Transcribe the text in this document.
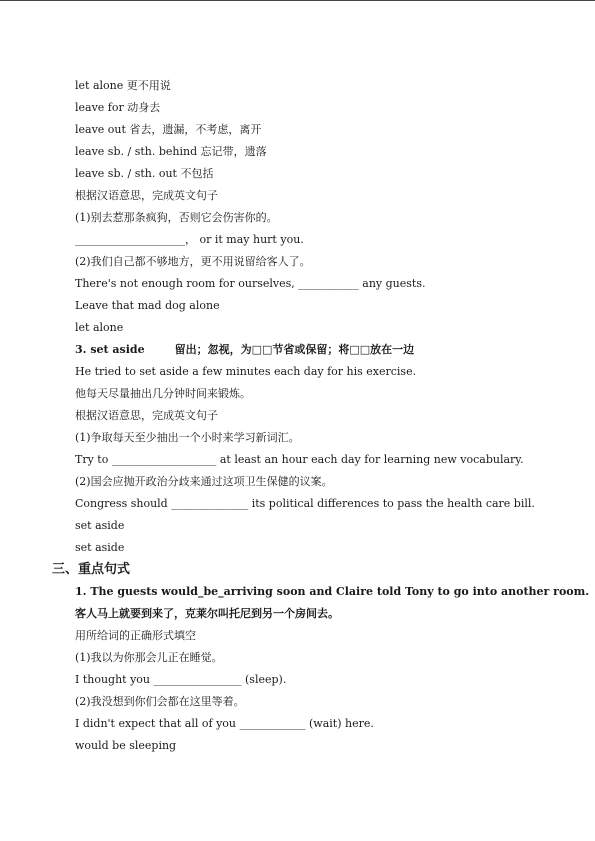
let alone 更不用说
leave for 动身去
leave out 省去，遗漏，不考虑，离开
leave sb. / sth. behind 忘记带，遗落
leave sb. / sth. out 不包括
根据汉语意思，完成英文句子
(1)别去惹那条疯狗，否则它会伤害你的。
____________________， or it may hurt you.
(2)我们自己都不够地方，更不用说留给客人了。
There's not enough room for ourselves, ___________ any guests.
Leave that mad dog alone
let alone
3. set aside	留出；忽视，为□□节省或保留；将□□放在一边
He tried to set aside a few minutes each day for his exercise.
他每天尽量抽出几分钟时间来锻炼。
根据汉语意思，完成英文句子
(1)争取每天至少抽出一个小时来学习新词汇。
Try to ___________________ at least an hour each day for learning new vocabulary.
(2)国会应抛开政治分歧来通过这项卫生保健的议案。
Congress should ______________ its political differences to pass the health care bill.
set aside
set aside
三、重点句式
1. The guests would_be_arriving soon and Claire told Tony to go into another room.
客人马上就要到来了，克莱尔叫托尼到另一个房间去。
用所给词的正确形式填空
(1)我以为你那会儿正在睡觉。
I thought you ________________ (sleep).
(2)我没想到你们会都在这里等着。
I didn't expect that all of you ____________ (wait) here.
would be sleeping
